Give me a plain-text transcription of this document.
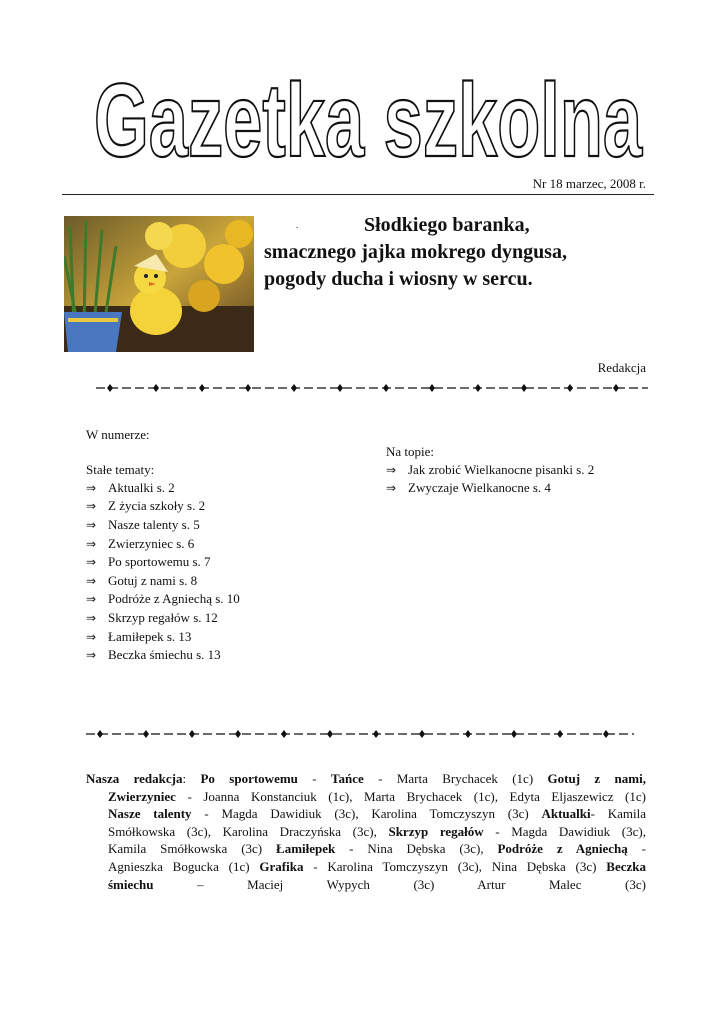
Gazetka szkolna
Nr 18 marzec, 2008 r.
.	Słodkiego baranka,
smacznego jajka mokrego dyngusa,
pogody ducha i wiosny w sercu.
Redakcja
W numerze:
Stałe tematy:
⇒ Aktualki s. 2
⇒ Z życia szkoły s. 2
⇒ Nasze talenty s. 5
⇒ Zwierzyniec s. 6
⇒ Po sportowemu s. 7
⇒ Gotuj z nami s. 8
⇒ Podróże z Agniechą s. 10
⇒ Skrzyp regałów s. 12
⇒ Łamiłepek s. 13
⇒ Beczka śmiechu s. 13
Na topie:
⇒ Jak zrobić Wielkanocne pisanki s. 2
⇒ Zwyczaje Wielkanocne s. 4

Nasza redakcja: Po sportowemu - Tańce - Marta Brychacek (1c) Gotuj z nami,
Zwierzyniec - Joanna Konstanciuk (1c), Marta Brychacek (1c), Edyta Eljaszewicz (1c)
Nasze talenty - Magda Dawidiuk (3c), Karolina Tomczyszyn (3c) Aktualki- Kamila
Smółkowska (3c), Karolina Draczyńska (3c), Skrzyp regałów - Magda Dawidiuk (3c),
Kamila Smółkowska (3c) Łamiłepek - Nina Dębska (3c), Podróże z Agniechą -
Agnieszka Bogucka (1c) Grafika - Karolina Tomczyszyn (3c), Nina Dębska (3c) Beczka
śmiechu – Maciej Wypych (3c) Artur Malec (3c)
